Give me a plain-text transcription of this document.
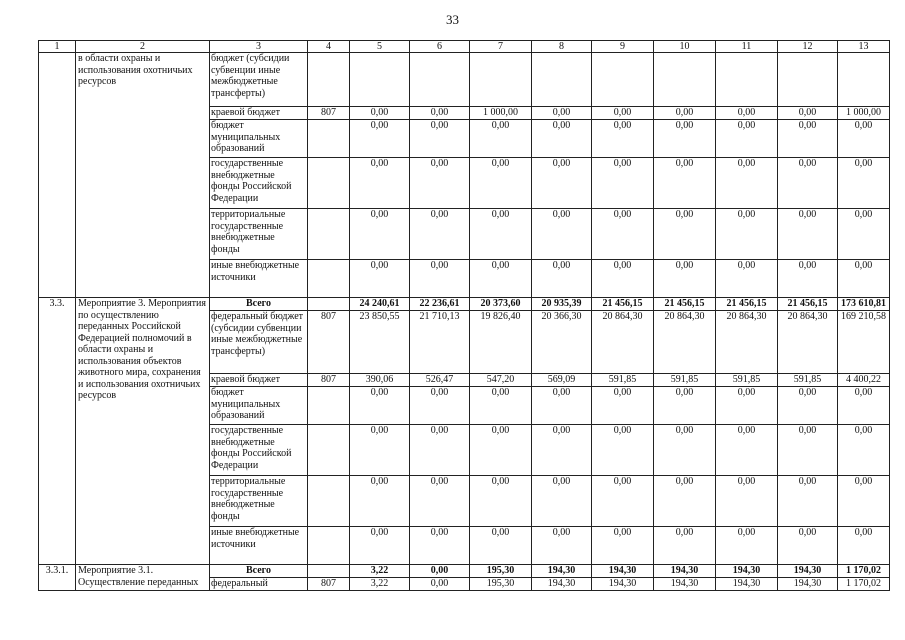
33
1	2	3	4	5	6	7	8	9	10	11	12	13
	в области охраны и использования охотничьих ресурсов	бюджет (субсидии субвенции иные межбюджетные трансферты)										
		краевой бюджет	807	0,00	0,00	1 000,00	0,00	0,00	0,00	0,00	0,00	1 000,00
		бюджет муниципальных образований		0,00	0,00	0,00	0,00	0,00	0,00	0,00	0,00	0,00
		государственные внебюджетные фонды Российской Федерации		0,00	0,00	0,00	0,00	0,00	0,00	0,00	0,00	0,00
		территориальные государственные внебюджетные фонды		0,00	0,00	0,00	0,00	0,00	0,00	0,00	0,00	0,00
		иные внебюджетные источники		0,00	0,00	0,00	0,00	0,00	0,00	0,00	0,00	0,00
3.3.	Мероприятие 3. Мероприятия по осуществлению переданных Российской Федерацией полномочий в области охраны и использования объектов животного мира, сохранения и использования охотничьих ресурсов	Всего		24 240,61	22 236,61	20 373,60	20 935,39	21 456,15	21 456,15	21 456,15	21 456,15	173 610,81
		федеральный бюджет (субсидии субвенции иные межбюджетные трансферты)	807	23 850,55	21 710,13	19 826,40	20 366,30	20 864,30	20 864,30	20 864,30	20 864,30	169 210,58
		краевой бюджет	807	390,06	526,47	547,20	569,09	591,85	591,85	591,85	591,85	4 400,22
		бюджет муниципальных образований		0,00	0,00	0,00	0,00	0,00	0,00	0,00	0,00	0,00
		государственные внебюджетные фонды Российской Федерации		0,00	0,00	0,00	0,00	0,00	0,00	0,00	0,00	0,00
		территориальные государственные внебюджетные фонды		0,00	0,00	0,00	0,00	0,00	0,00	0,00	0,00	0,00
		иные внебюджетные источники		0,00	0,00	0,00	0,00	0,00	0,00	0,00	0,00	0,00
3.3.1.	Мероприятие 3.1. Осуществление переданных	Всего		3,22	0,00	195,30	194,30	194,30	194,30	194,30	194,30	1 170,02
		федеральный	807	3,22	0,00	195,30	194,30	194,30	194,30	194,30	194,30	1 170,02
